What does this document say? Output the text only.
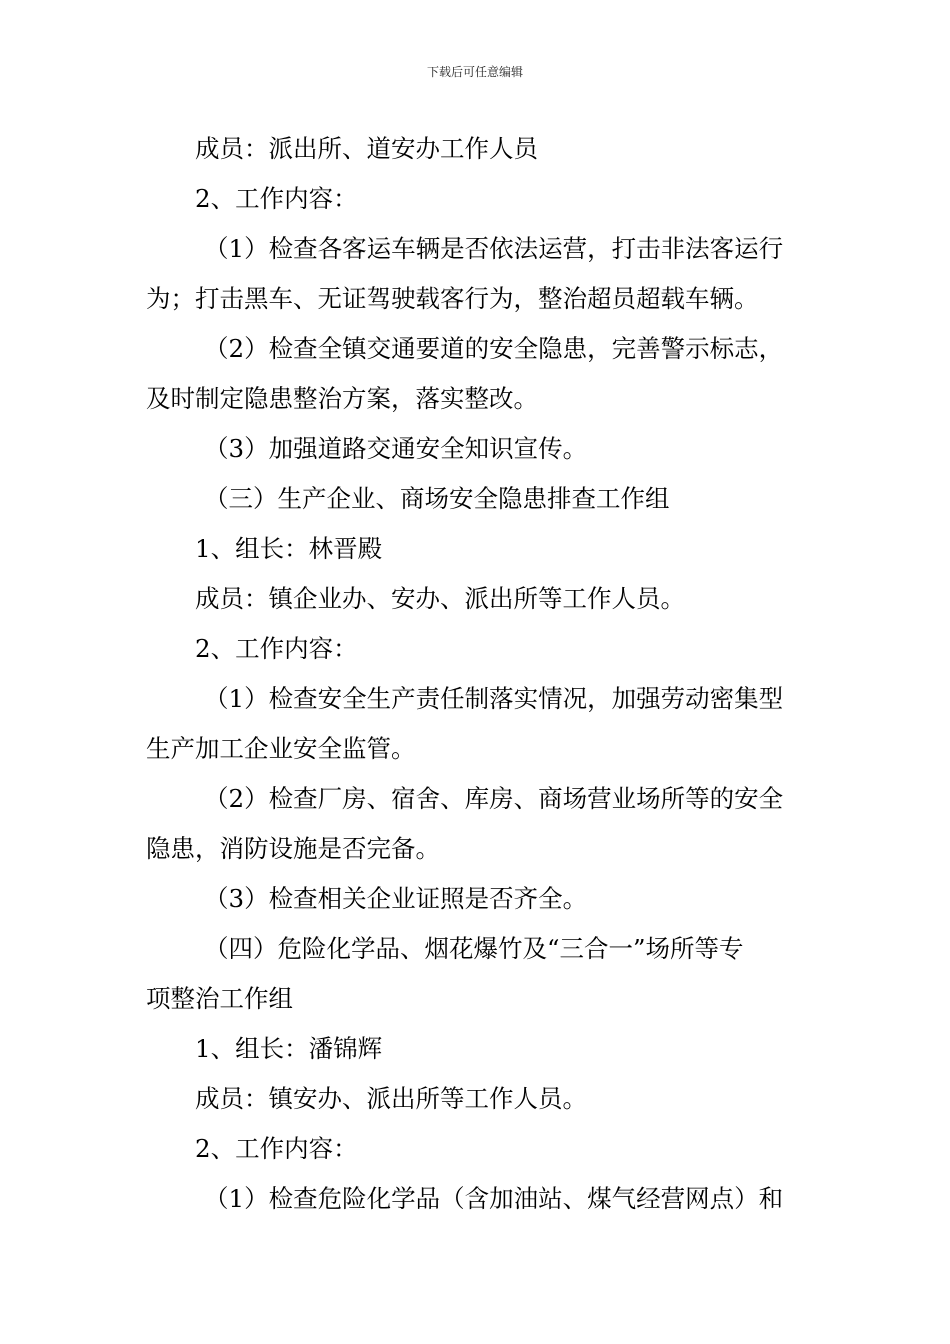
下载后可任意编辑
成员：派出所、道安办工作人员
2、工作内容：
（1）检查各客运车辆是否依法运营，打击非法客运行
为；打击黑车、无证驾驶载客行为，整治超员超载车辆。
（2）检查全镇交通要道的安全隐患，完善警示标志，
及时制定隐患整治方案，落实整改。
（3）加强道路交通安全知识宣传。
（三）生产企业、商场安全隐患排查工作组
1、组长：林晋殿
成员：镇企业办、安办、派出所等工作人员。
2、工作内容：
（1）检查安全生产责任制落实情况，加强劳动密集型
生产加工企业安全监管。
（2）检查厂房、宿舍、库房、商场营业场所等的安全
隐患，消防设施是否完备。
（3）检查相关企业证照是否齐全。
（四）危险化学品、烟花爆竹及“三合一”场所等专
项整治工作组
1、组长：潘锦辉
成员：镇安办、派出所等工作人员。
2、工作内容：
（1）检查危险化学品（含加油站、煤气经营网点）和
